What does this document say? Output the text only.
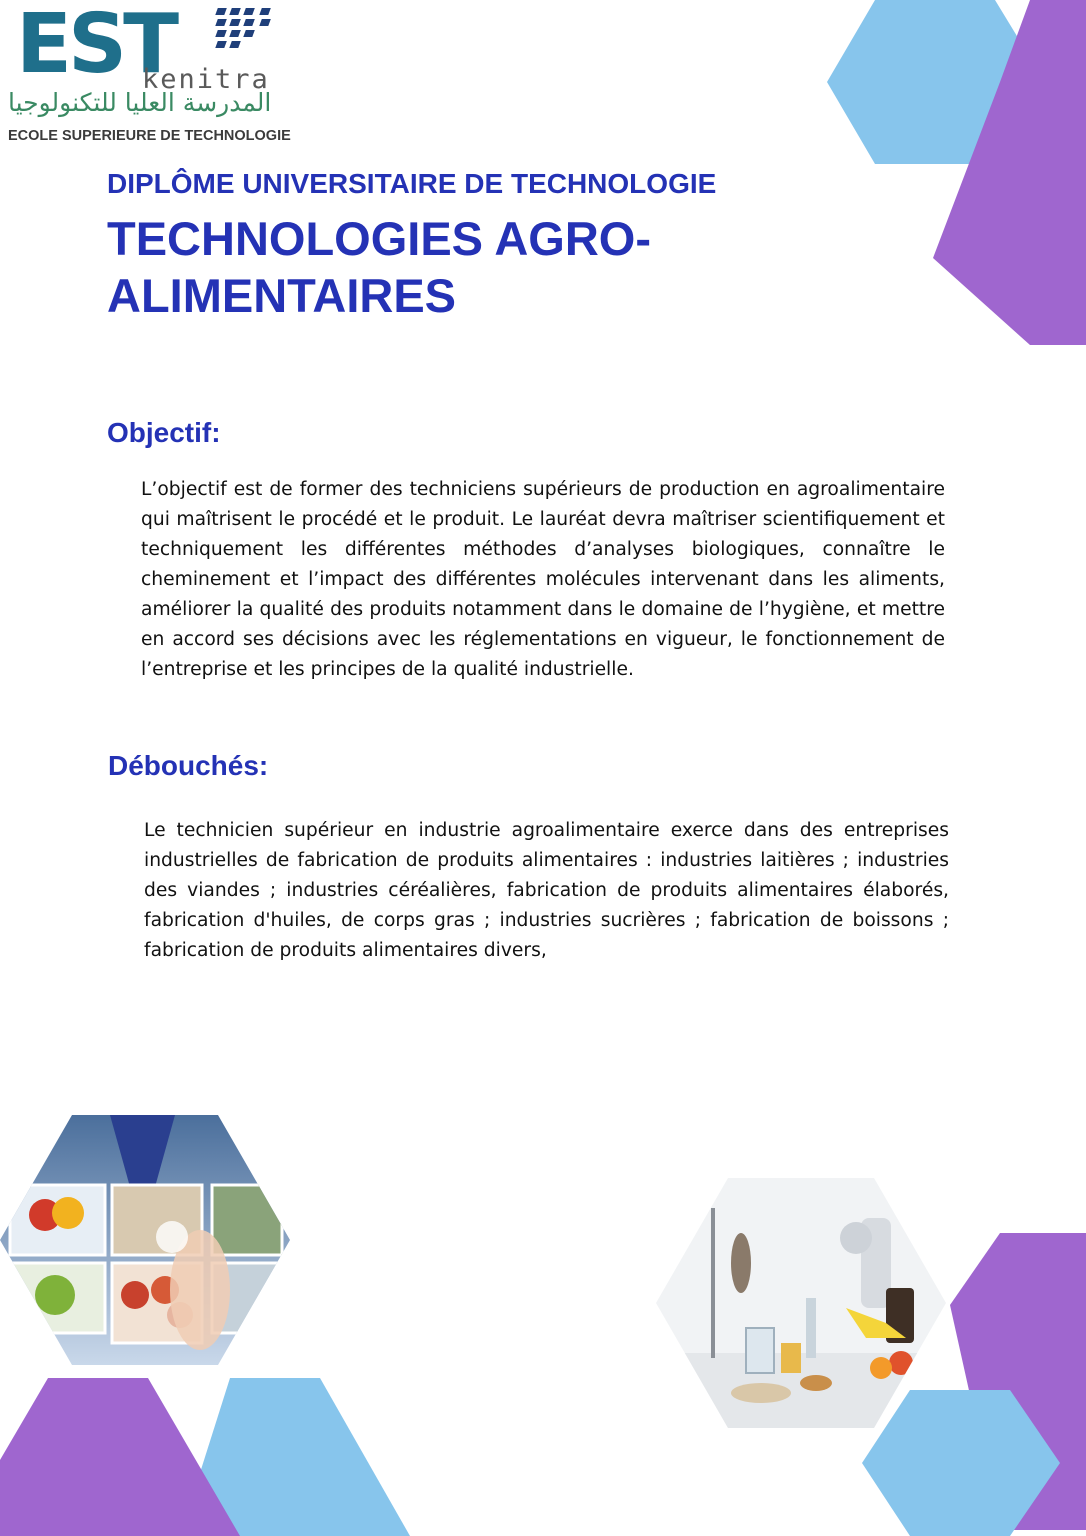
EST
kenitra
المدرسة العليا للتكنولوجيا
ECOLE SUPERIEURE DE TECHNOLOGIE
DIPLÔME UNIVERSITAIRE DE TECHNOLOGIE
TECHNOLOGIES AGRO-ALIMENTAIRES
Objectif:

L’objectif est de former des techniciens supérieurs de production en agroalimentaire qui maîtrisent le procédé et le produit. Le lauréat devra maîtriser scientifiquement et techniquement les différentes méthodes d’analyses biologiques, connaître le cheminement et l’impact des différentes molécules intervenant dans les aliments, améliorer la qualité des produits notamment dans le domaine de l’hygiène, et mettre en accord ses décisions avec les réglementations en vigueur, le fonctionnement de l’entreprise et les principes de la qualité industrielle.

Débouchés:

Le technicien supérieur en industrie agroalimentaire exerce dans des entreprises industrielles de fabrication de produits alimentaires : industries laitières ; industries des viandes ; industries céréalières, fabrication de produits alimentaires élaborés, fabrication d'huiles, de corps gras ; industries sucrières ; fabrication de boissons ; fabrication de produits alimentaires divers,
